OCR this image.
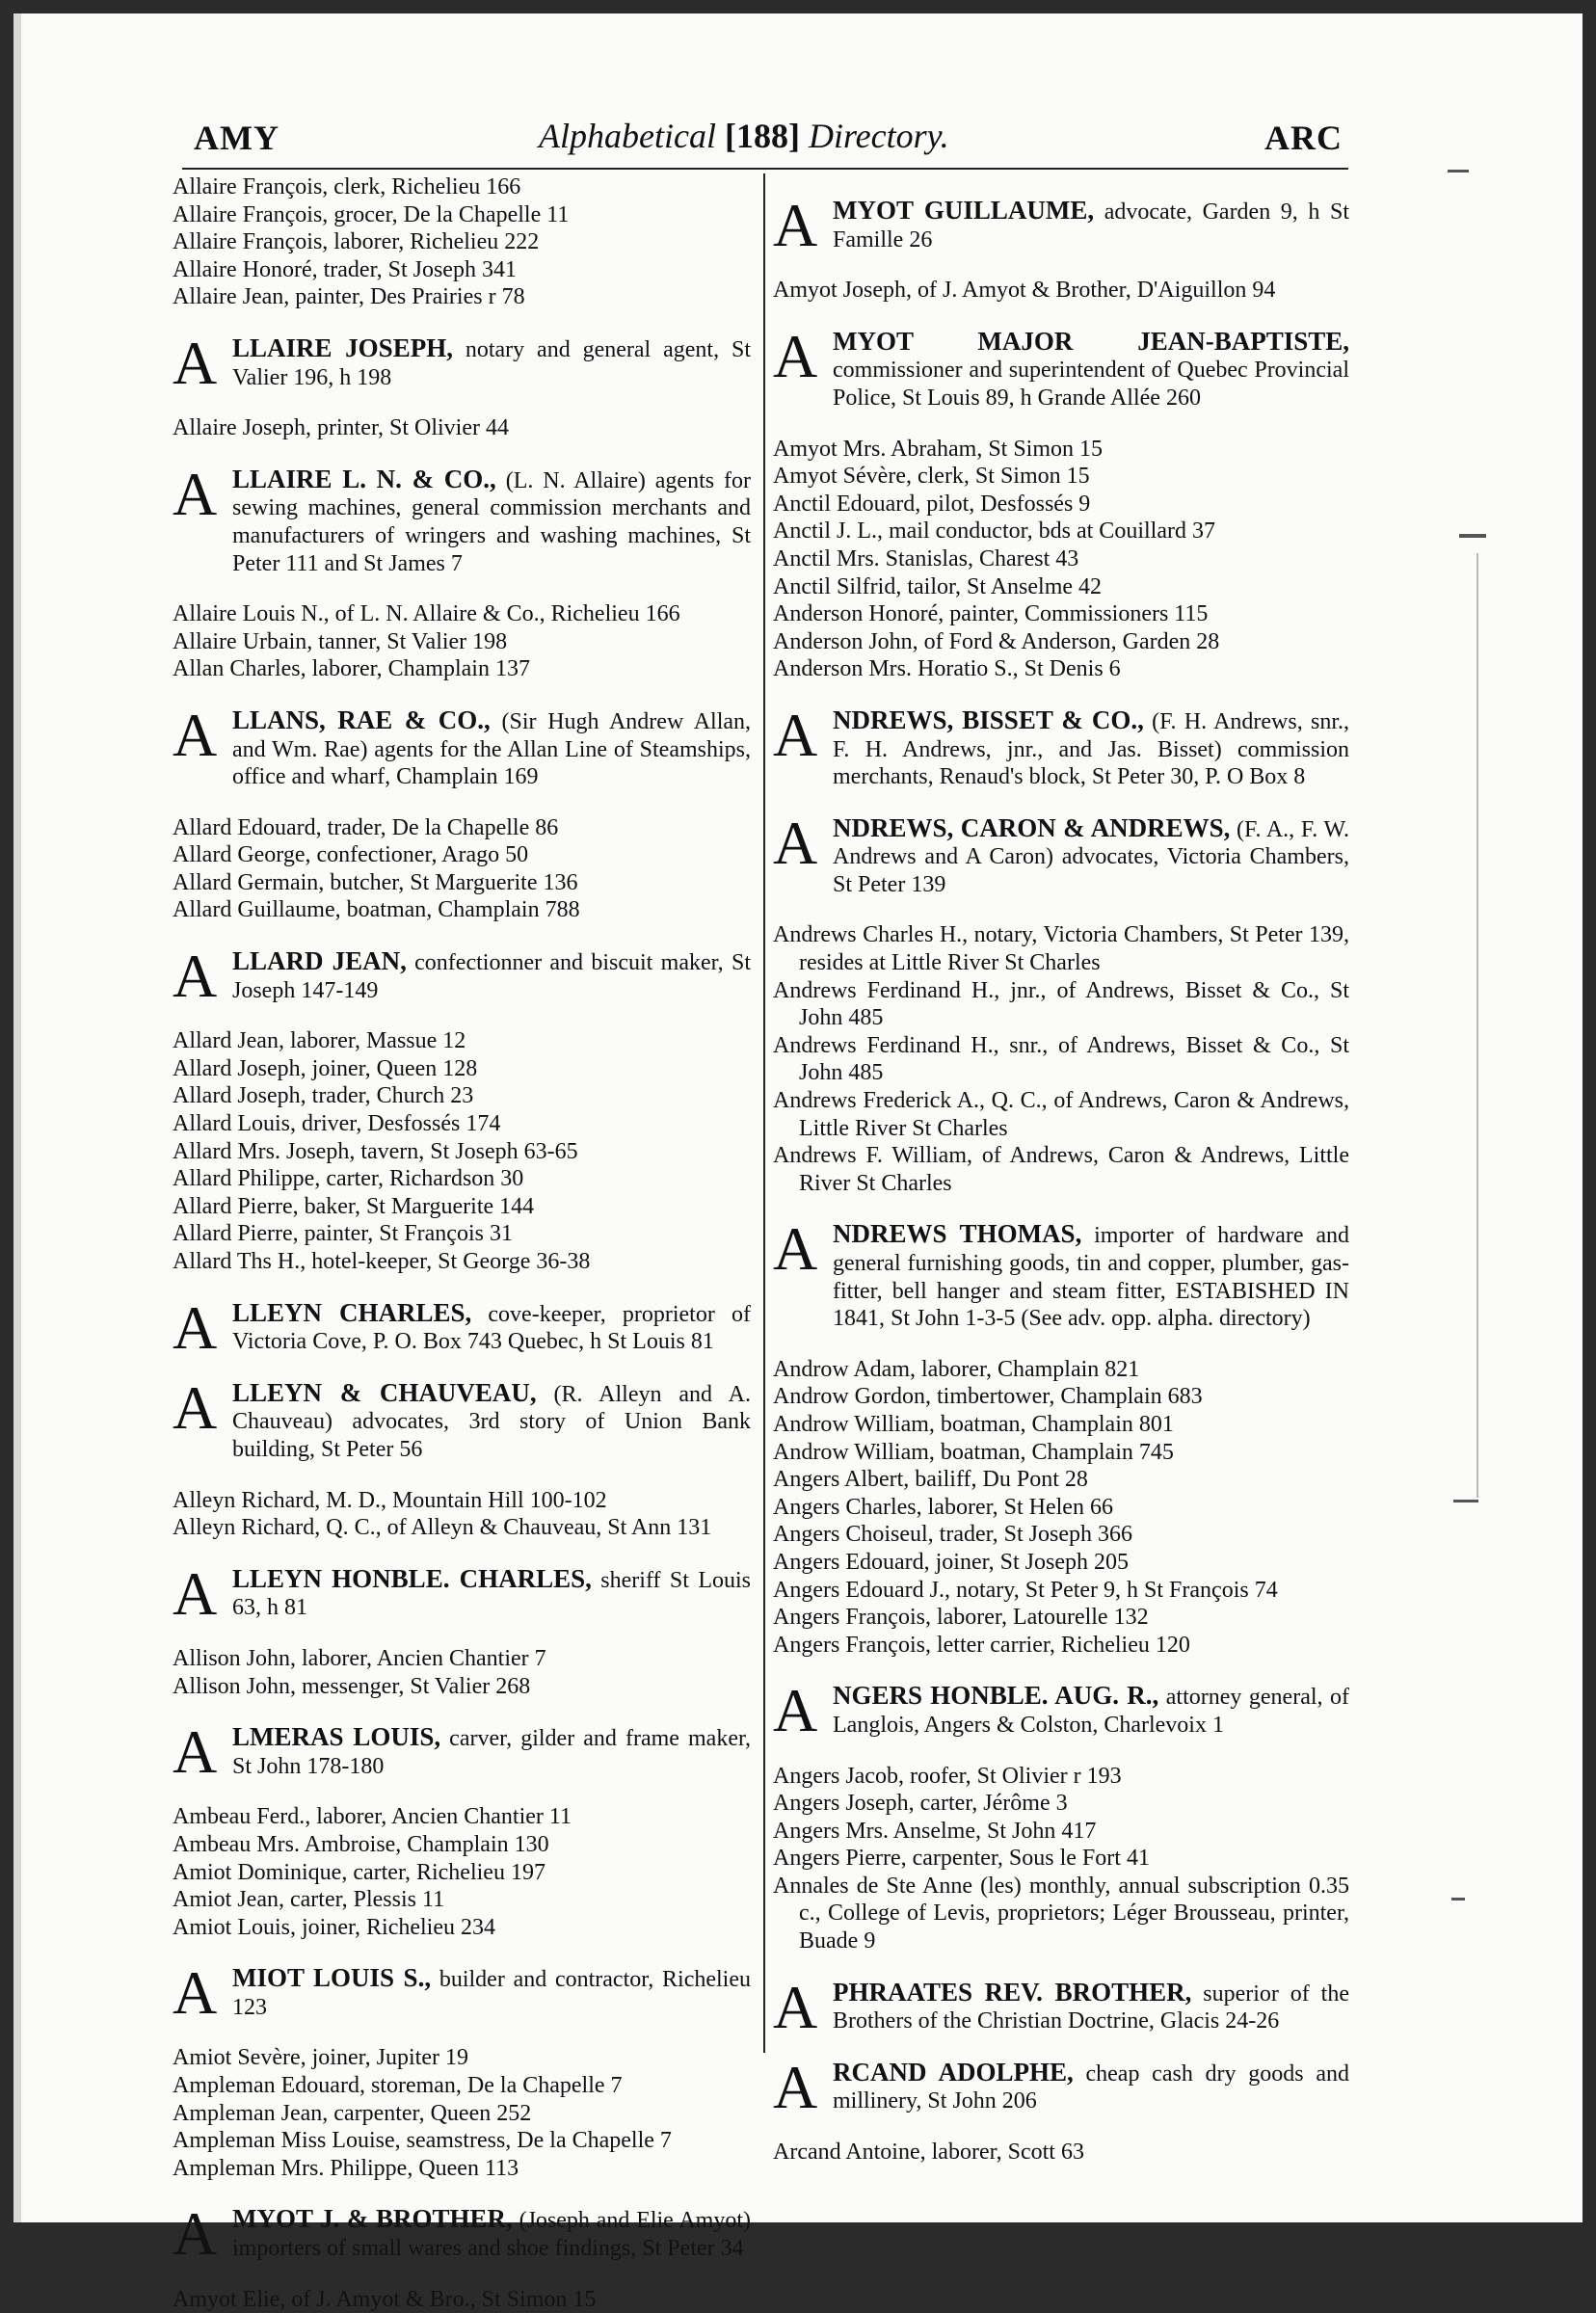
AMY	Alphabetical [188] Directory.	ARC

Allaire François, clerk, Richelieu 166

Allaire François, grocer, De la Chapelle 11

Allaire François, laborer, Richelieu 222

Allaire Honoré, trader, St Joseph 341

Allaire Jean, painter, Des Prairies r 78

A LLAIRE JOSEPH, notary and general agent, St Valier 196, h 198

Allaire Joseph, printer, St Olivier 44

A LLAIRE L. N. & CO., (L. N. Allaire) agents for sewing machines, general commission merchants and manufacturers of wringers and washing machines, St Peter 111 and St James 7

Allaire Louis N., of L. N. Allaire & Co., Richelieu 166

Allaire Urbain, tanner, St Valier 198

Allan Charles, laborer, Champlain 137

A LLANS, RAE & CO., (Sir Hugh Andrew Allan, and Wm. Rae) agents for the Allan Line of Steamships, office and wharf, Champlain 169

Allard Edouard, trader, De la Chapelle 86

Allard George, confectioner, Arago 50

Allard Germain, butcher, St Marguerite 136

Allard Guillaume, boatman, Champlain 788

A LLARD JEAN, confectionner and biscuit maker, St Joseph 147-149

Allard Jean, laborer, Massue 12

Allard Joseph, joiner, Queen 128

Allard Joseph, trader, Church 23

Allard Louis, driver, Desfossés 174

Allard Mrs. Joseph, tavern, St Joseph 63-65

Allard Philippe, carter, Richardson 30

Allard Pierre, baker, St Marguerite 144

Allard Pierre, painter, St François 31

Allard Ths H., hotel-keeper, St George 36-38

A LLEYN CHARLES, cove-keeper, proprietor of Victoria Cove, P. O. Box 743 Quebec, h St Louis 81

A LLEYN & CHAUVEAU, (R. Alleyn and A. Chauveau) advocates, 3rd story of Union Bank building, St Peter 56

Alleyn Richard, M. D., Mountain Hill 100-102

Alleyn Richard, Q. C., of Alleyn & Chauveau, St Ann 131

A LLEYN HONBLE. CHARLES, sheriff St Louis 63, h 81

Allison John, laborer, Ancien Chantier 7

Allison John, messenger, St Valier 268

A LMERAS LOUIS, carver, gilder and frame maker, St John 178-180

Ambeau Ferd., laborer, Ancien Chantier 11

Ambeau Mrs. Ambroise, Champlain 130

Amiot Dominique, carter, Richelieu 197

Amiot Jean, carter, Plessis 11

Amiot Louis, joiner, Richelieu 234

A MIOT LOUIS S., builder and contractor, Richelieu 123

Amiot Sevère, joiner, Jupiter 19

Ampleman Edouard, storeman, De la Chapelle 7

Ampleman Jean, carpenter, Queen 252

Ampleman Miss Louise, seamstress, De la Chapelle 7

Ampleman Mrs. Philippe, Queen 113

A MYOT J. & BROTHER, (Joseph and Elie Amyot) importers of small wares and shoe findings, St Peter 34

Amyot Elie, of J. Amyot & Bro., St Simon 15

A MYOT GUILLAUME, advocate, Garden 9, h St Famille 26

Amyot Joseph, of J. Amyot & Brother, D'Aiguillon 94

A MYOT MAJOR JEAN-BAPTISTE, commissioner and superintendent of Quebec Provincial Police, St Louis 89, h Grande Allée 260

Amyot Mrs. Abraham, St Simon 15

Amyot Sévère, clerk, St Simon 15

Anctil Edouard, pilot, Desfossés 9

Anctil J. L., mail conductor, bds at Couillard 37

Anctil Mrs. Stanislas, Charest 43

Anctil Silfrid, tailor, St Anselme 42

Anderson Honoré, painter, Commissioners 115

Anderson John, of Ford & Anderson, Garden 28

Anderson Mrs. Horatio S., St Denis 6

A NDREWS, BISSET & CO., (F. H. Andrews, snr., F. H. Andrews, jnr., and Jas. Bisset) commission merchants, Renaud's block, St Peter 30, P. O Box 8

A NDREWS, CARON & ANDREWS, (F. A., F. W. Andrews and A Caron) advocates, Victoria Chambers, St Peter 139

Andrews Charles H., notary, Victoria Chambers, St Peter 139, resides at Little River St Charles

Andrews Ferdinand H., jnr., of Andrews, Bisset & Co., St John 485

Andrews Ferdinand H., snr., of Andrews, Bisset & Co., St John 485

Andrews Frederick A., Q. C., of Andrews, Caron & Andrews, Little River St Charles

Andrews F. William, of Andrews, Caron & Andrews, Little River St Charles

A NDREWS THOMAS, importer of hardware and general furnishing goods, tin and copper, plumber, gas-fitter, bell hanger and steam fitter, ESTABISHED IN 1841, St John 1-3-5 (See adv. opp. alpha. directory)

Androw Adam, laborer, Champlain 821

Androw Gordon, timbertower, Champlain 683

Androw William, boatman, Champlain 801

Androw William, boatman, Champlain 745

Angers Albert, bailiff, Du Pont 28

Angers Charles, laborer, St Helen 66

Angers Choiseul, trader, St Joseph 366

Angers Edouard, joiner, St Joseph 205

Angers Edouard J., notary, St Peter 9, h St François 74

Angers François, laborer, Latourelle 132

Angers François, letter carrier, Richelieu 120

A NGERS HONBLE. AUG. R., attorney general, of Langlois, Angers & Colston, Charlevoix 1

Angers Jacob, roofer, St Olivier r 193

Angers Joseph, carter, Jérôme 3

Angers Mrs. Anselme, St John 417

Angers Pierre, carpenter, Sous le Fort 41

Annales de Ste Anne (les) monthly, annual subscription 0.35 c., College of Levis, proprietors; Léger Brousseau, printer, Buade 9

A PHRAATES REV. BROTHER, superior of the Brothers of the Christian Doctrine, Glacis 24-26

A RCAND ADOLPHE, cheap cash dry goods and millinery, St John 206

Arcand Antoine, laborer, Scott 63
